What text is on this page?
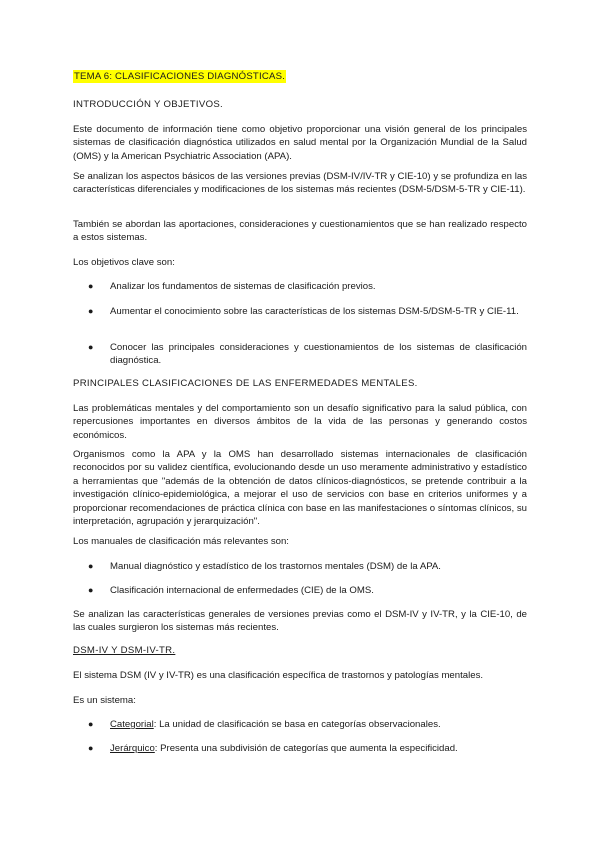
TEMA 6: CLASIFICACIONES DIAGNÓSTICAS.
INTRODUCCIÓN Y OBJETIVOS.

Este documento de información tiene como objetivo proporcionar una visión general de los principales sistemas de clasificación diagnóstica utilizados en salud mental por la Organización Mundial de la Salud (OMS) y la American Psychiatric Association (APA).

Se analizan los aspectos básicos de las versiones previas (DSM-IV/IV-TR y CIE-10) y se profundiza en las características diferenciales y modificaciones de los sistemas más recientes (DSM-5/DSM-5-TR y CIE-11).

También se abordan las aportaciones, consideraciones y cuestionamientos que se han realizado respecto a estos sistemas.

Los objetivos clave son:

●	Analizar los fundamentos de sistemas de clasificación previos.

●	Aumentar el conocimiento sobre las características de los sistemas DSM-5/DSM-5-TR y CIE-11.

●	Conocer las principales consideraciones y cuestionamientos de los sistemas de clasificación diagnóstica.

PRINCIPALES CLASIFICACIONES DE LAS ENFERMEDADES MENTALES.

Las problemáticas mentales y del comportamiento son un desafío significativo para la salud pública, con repercusiones importantes en diversos ámbitos de la vida de las personas y generando costos económicos.

Organismos como la APA y la OMS han desarrollado sistemas internacionales de clasificación reconocidos por su validez científica, evolucionando desde un uso meramente administrativo y estadístico a herramientas que "además de la obtención de datos clínicos-diagnósticos, se pretende contribuir a la investigación clínico-epidemiológica, a mejorar el uso de servicios con base en criterios uniformes y a proporcionar recomendaciones de práctica clínica con base en las manifestaciones o síntomas clínicos, su interpretación, agrupación y jerarquización".

Los manuales de clasificación más relevantes son:

●	Manual diagnóstico y estadístico de los trastornos mentales (DSM) de la APA.

●	Clasificación internacional de enfermedades (CIE) de la OMS.

Se analizan las características generales de versiones previas como el DSM-IV y IV-TR, y la CIE-10, de las cuales surgieron los sistemas más recientes.

DSM-IV Y DSM-IV-TR.

El sistema DSM (IV y IV-TR) es una clasificación específica de trastornos y patologías mentales.

Es un sistema:

●	Categorial: La unidad de clasificación se basa en categorías observacionales.

●	Jerárquico: Presenta una subdivisión de categorías que aumenta la especificidad.
